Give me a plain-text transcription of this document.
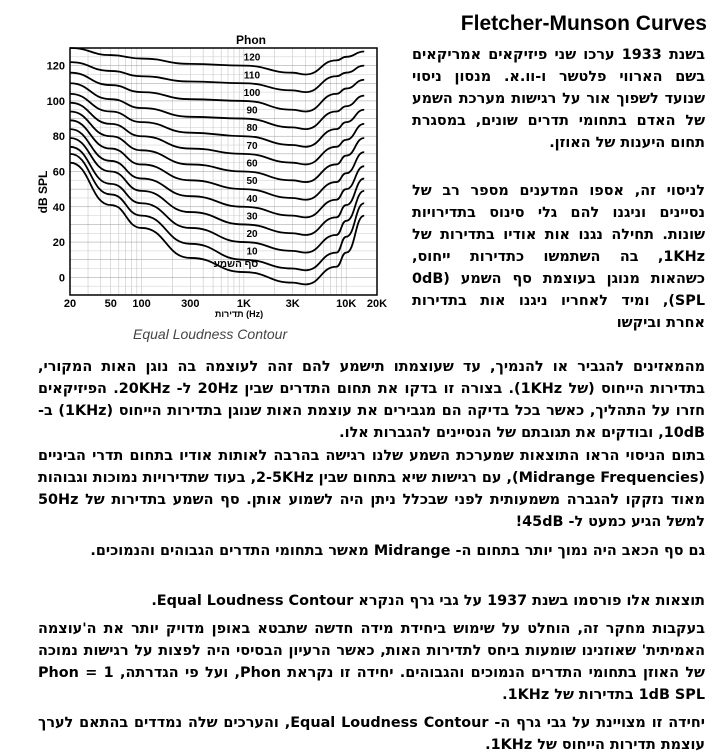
Fletcher-Munson Curves
Phon
dB SPL
תדירות (Hz)
20	50 100	300	1K	3K	10K 20K
0
20
40
60
80
100
120
120
110
100
90
80
70
60
50
40
30
20
10
סף השמע
Equal Loudness Contour

בשנת 1933 ערכו שני פיזיקאים אמריקאים בשם הארווי פלטשר ו-וו.א. מנסון ניסוי שנועד לשפוך אור על רגישות מערכת השמע של האדם בתחומי תדרים שונים, במסגרת תחום היענות של האוזן.

לניסוי זה, אספו המדענים מספר רב של נסיינים וניגנו להם גלי סינוס בתדירויות שונות. תחילה נגנו אות אודיו בתדירות של 1KHz, בה השתמשו כתדירות ייחוס, כשהאות מנוגן בעוצמת סף השמע (0dB SPL), ומיד לאחריו ניגנו אות בתדירות אחרת וביקשו

מהמאזינים להגביר או להנמיך, עד שעוצמתו תישמע להם זהה לעוצמה בה נוגן האות המקורי, בתדירות הייחוס (של 1KHz). בצורה זו בדקו את תחום התדרים שבין 20Hz ל- 20KHz. הפיזיקאים חזרו על התהליך, כאשר בכל בדיקה הם מגבירים את עוצמת האות שנוגן בתדירות הייחוס (1KHz) ב- 10dB, ובודקים את תגובתם של הנסיינים להגברות אלו.

בתום הניסוי הראו התוצאות שמערכת השמע שלנו רגישה בהרבה לאותות אודיו בתחום תדרי הביניים (Midrange Frequencies), עם רגישות שיא בתחום שבין 2-5KHz, בעוד שתדירויות נמוכות וגבוהות מאוד נזקקו להגברה משמעותית לפני שבכלל ניתן היה לשמוע אותן. סף השמע בתדירות של 50Hz למשל הגיע כמעט ל- 45dB!

גם סף הכאב היה נמוך יותר בתחום ה- Midrange מאשר בתחומי התדרים הגבוהים והנמוכים.

תוצאות אלו פורסמו בשנת 1937 על גבי גרף הנקרא Equal Loudness Contour.

בעקבות מחקר זה, הוחלט על שימוש ביחידת מידה חדשה שתבטא באופן מדויק יותר את ה'עוצמה האמיתית' שאוזנינו שומעות ביחס לתדירות האות, כאשר הרעיון הבסיסי היה לפצות על רגישות נמוכה של האוזן בתחומי התדרים הנמוכים והגבוהים. יחידה זו נקראת Phon, ועל פי הגדרתה, 1 Phon = 1dB SPL בתדירות של 1KHz.

יחידה זו מצויינת על גבי גרף ה- Equal Loudness Contour, והערכים שלה נמדדים בהתאם לערך עוצמת תדירות הייחוס של 1KHz.
